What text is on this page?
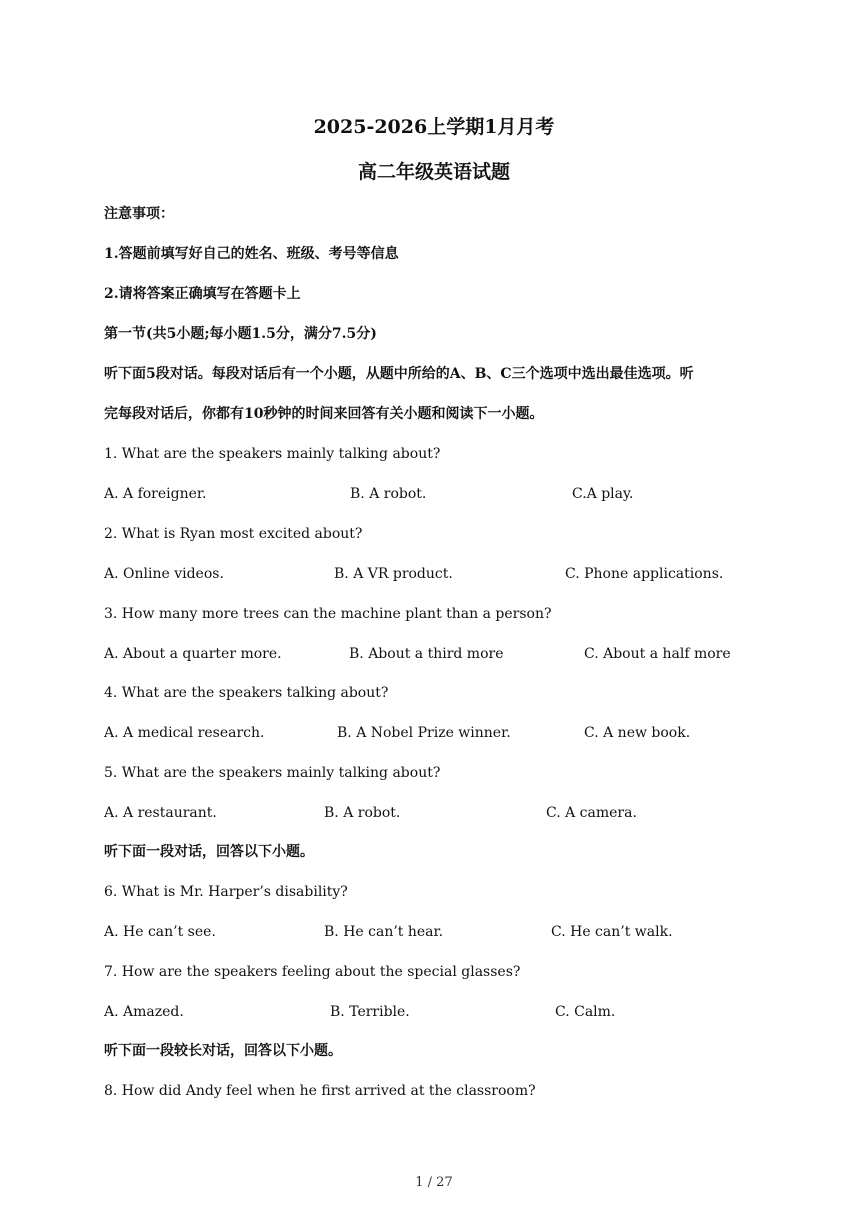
2025-2026上学期1月月考
高二年级英语试题
注意事项：
1.答题前填写好自己的姓名、班级、考号等信息
2.请将答案正确填写在答题卡上
第一节(共5小题;每小题1.5分，满分7.5分)
听下面5段对话。每段对话后有一个小题，从题中所给的A、B、C三个选项中选出最佳选项。听
完每段对话后，你都有10秒钟的时间来回答有关小题和阅读下一小题。
1. What are the speakers mainly talking about?
A. A foreigner.	B. A robot.	C.A play.
2. What is Ryan most excited about?
A. Online videos.	B. A VR product.	C. Phone applications.
3. How many more trees can the machine plant than a person?
A. About a quarter more.	B. About a third more	C. About a half more
4. What are the speakers talking about?
A. A medical research.	B. A Nobel Prize winner.	C. A new book.
5. What are the speakers mainly talking about?
A. A restaurant.	B. A robot.	C. A camera.
听下面一段对话，回答以下小题。
6. What is Mr. Harper’s disability?
A. He can’t see.	B. He can’t hear.	C. He can’t walk.
7. How are the speakers feeling about the special glasses?
A. Amazed.	B. Terrible.	C. Calm.
听下面一段较长对话，回答以下小题。
8. How did Andy feel when he first arrived at the classroom?
1 / 27
